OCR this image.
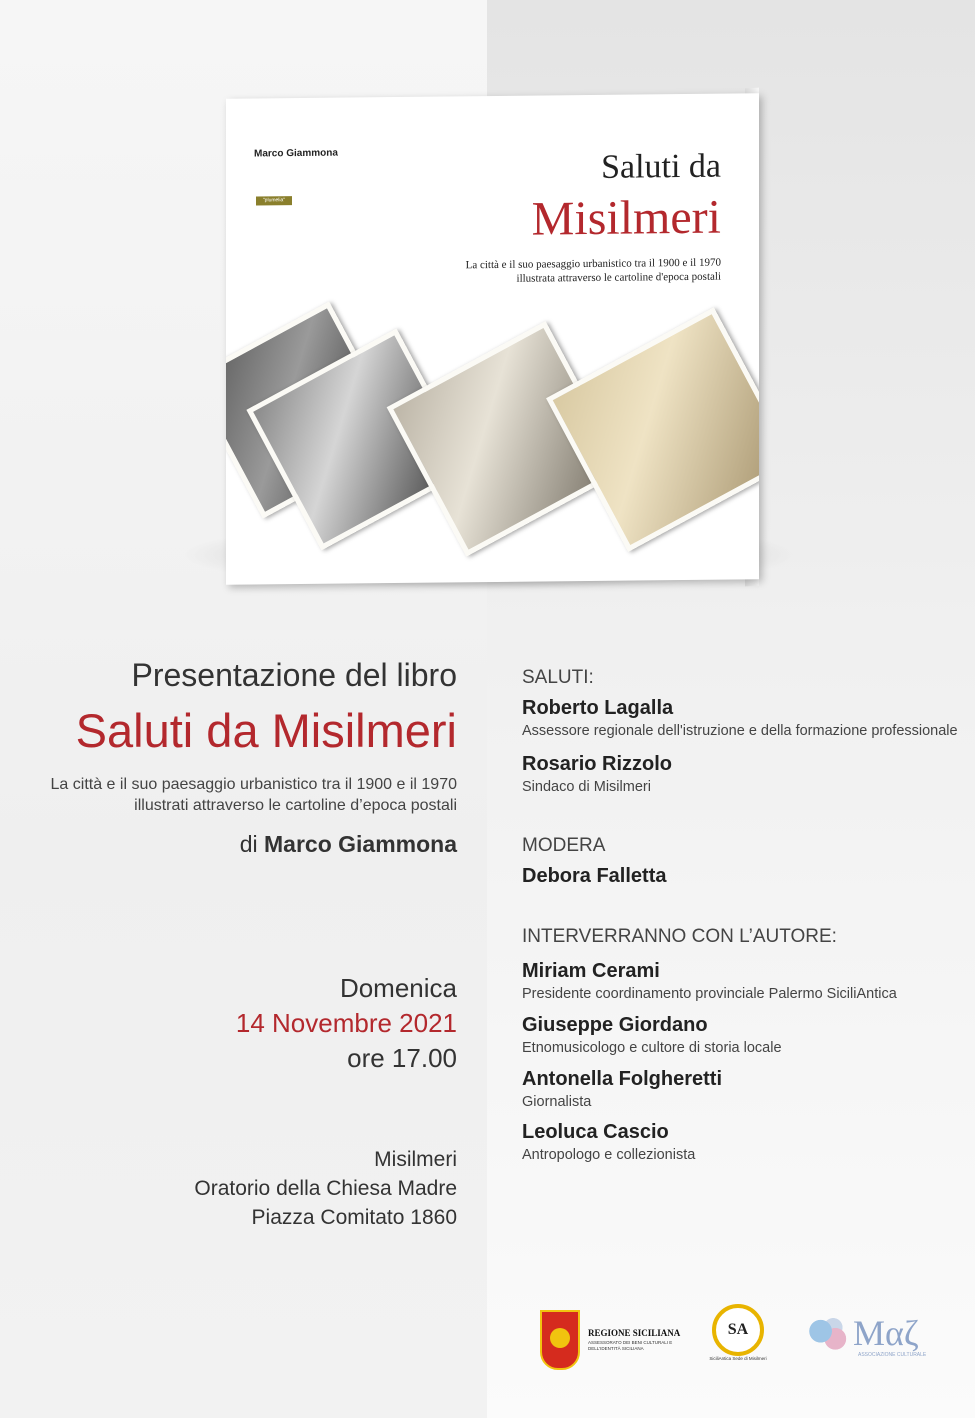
Marco Giammona
"plumelia"
Saluti da
Misilmeri
La città e il suo paesaggio urbanistico tra il 1900 e il 1970
illustrata attraverso le cartoline d'epoca postali
Presentazione del libro
Saluti da Misilmeri
La città e il suo paesaggio urbanistico tra il 1900 e il 1970
illustrati attraverso le cartoline d’epoca postali
di Marco Giammona
Domenica
14 Novembre 2021
ore 17.00
Misilmeri
Oratorio della Chiesa Madre
Piazza Comitato 1860
SALUTI:
Roberto Lagalla
Assessore regionale dell'istruzione e della formazione professionale
Rosario Rizzolo
Sindaco di Misilmeri
MODERA
Debora Falletta
INTERVERRANNO CON L’AUTORE:
Miriam Cerami
Presidente coordinamento provinciale Palermo SiciliAntica
Giuseppe Giordano
Etnomusicologo e cultore di storia locale
Antonella Folgheretti
Giornalista
Leoluca Cascio
Antropologo e collezionista
REGIONE SICILIANA
ASSESSORATO DEI BENI CULTURALI E DELL'IDENTITÀ SICILIANA
SA
SiciliAntica Sede di Misilmeri
Mαζ
ASSOCIAZIONE CULTURALE
